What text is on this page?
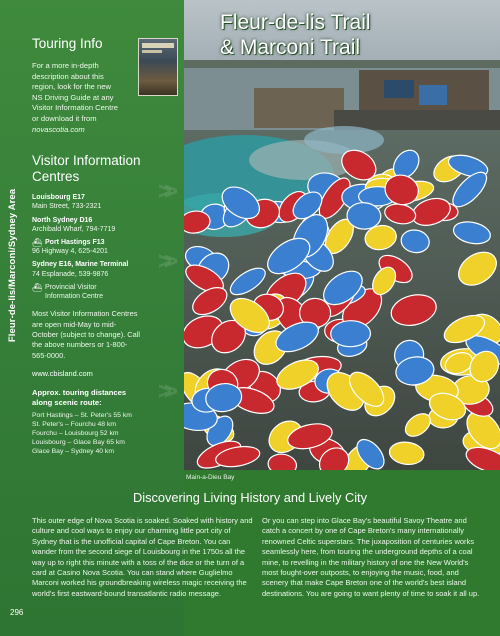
Fleur-de-lis/Marconi/Sydney Area	>>
>>
>>
Touring Info
For a more in-depth description about this region, look for the new NS Driving Guide at any Visitor Information Centre or download it from novascotia.com
Visitor Information
Centres
Louisbourg E17
Main Street, 733-2321
North Sydney D16
Archibald Wharf, 794-7719
⛴ Port Hastings F13
96 Highway 4, 625-4201
Sydney E16, Marine Terminal
74 Esplanade, 539-9876
⛴ Provincial Visitor
Information Centre
Most Visitor Information Centres are open mid-May to mid-October (subject to change). Call the above numbers or 1-800-565-0000.
www.cbisland.com
Approx. touring distances
along scenic route:
Port Hastings – St. Peter's 55 km
St. Peter's – Fourchu 48 km
Fourchu – Louisbourg 52 km
Louisbourg – Glace Bay 65 km
Glace Bay – Sydney 40 km
Fleur-de-lis Trail
& Marconi Trail
Main-a-Dieu Bay
Discovering Living History and Lively City
This outer edge of Nova Scotia is soaked. Soaked with history and culture and cool ways to enjoy our charming little port city of Sydney that is the unofficial capital of Cape Breton. You can wander from the second siege of Louisbourg in the 1750s all the way up to right this minute with a toss of the dice or the turn of a card at Casino Nova Scotia. You can stand where Guglielmo Marconi worked his groundbreaking wireless magic receiving the world's first eastward-bound transatlantic radio message.
Or you can step into Glace Bay's beautiful Savoy Theatre and catch a concert by one of Cape Breton's many internationally renowned Celtic superstars. The juxaposition of centuries works seamlessly here, from touring the underground depths of a coal mine, to revelling in the military history of one the New World's most fought-over outposts, to enjoying the music, food, and scenery that make Cape Breton one of the world's best island destinations. You are going to want plenty of time to soak it all up.
296
